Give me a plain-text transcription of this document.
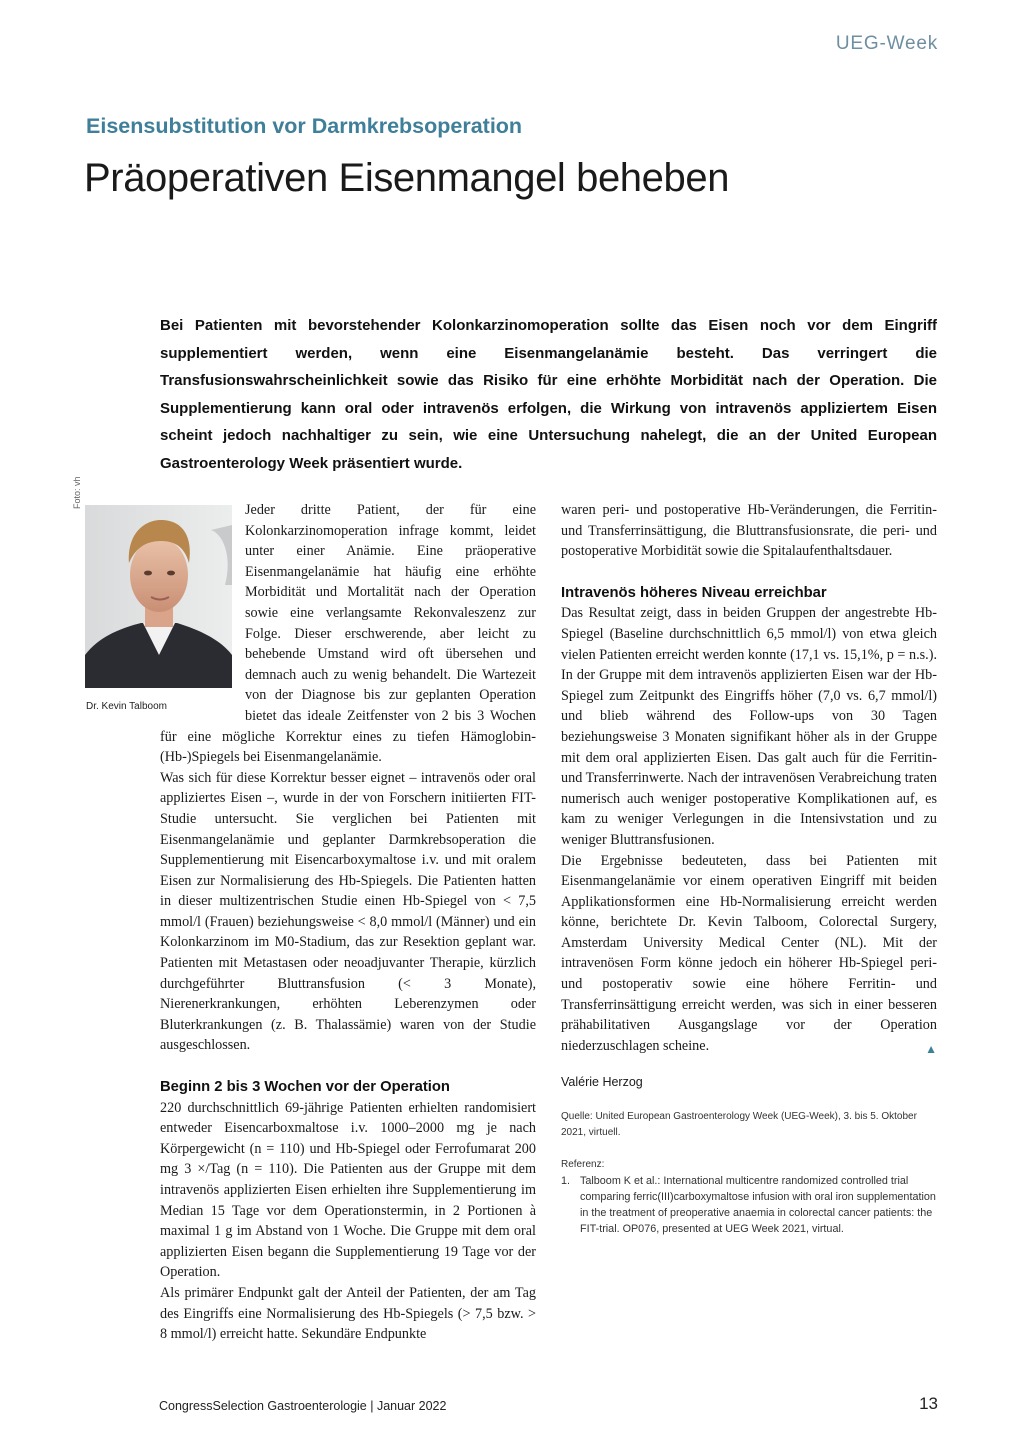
UEG-Week
Eisensubstitution vor Darmkrebsoperation
Präoperativen Eisenmangel beheben

Bei Patienten mit bevorstehender Kolonkarzinomoperation sollte das Eisen noch vor dem Eingriff supplementiert werden, wenn eine Eisenmangelanämie besteht. Das verringert die Transfusionswahrscheinlichkeit sowie das Risiko für eine erhöhte Morbidität nach der Operation. Die Supplementierung kann oral oder intravenös erfolgen, die Wirkung von intravenös appliziertem Eisen scheint jedoch nachhaltiger zu sein, wie eine Untersuchung nahelegt, die an der United European Gastroenterology Week präsentiert wurde.

Foto: vh
Dr. Kevin Talboom

Jeder dritte Patient, der für eine Kolonkarzinomoperation infrage kommt, leidet unter einer Anämie. Eine präoperative Eisenmangelanämie hat häufig eine erhöhte Morbidität und Mortalität nach der Operation sowie eine verlangsamte Rekonvaleszenz zur Folge. Dieser erschwerende, aber leicht zu behebende Umstand wird oft übersehen und demnach auch zu wenig behandelt. Die Wartezeit von der Diagnose bis zur geplanten Operation bietet das ideale Zeitfenster von 2 bis 3 Wochen für eine mögliche Korrektur eines zu tiefen Hämoglobin-(Hb-)Spiegels bei Eisenmangelanämie.

Was sich für diese Korrektur besser eignet – intravenös oder oral appliziertes Eisen –, wurde in der von Forschern initiierten FIT-Studie untersucht. Sie verglichen bei Patienten mit Eisenmangelanämie und geplanter Darmkrebsoperation die Supplementierung mit Eisencarboxymaltose i.v. und mit oralem Eisen zur Normalisierung des Hb-Spiegels. Die Patienten hatten in dieser multizentrischen Studie einen Hb-Spiegel von < 7,5 mmol/l (Frauen) beziehungsweise < 8,0 mmol/l (Männer) und ein Kolonkarzinom im M0-Stadium, das zur Resektion geplant war. Patienten mit Metastasen oder neoadjuvanter Therapie, kürzlich durchgeführter Bluttransfusion (< 3 Monate), Nierenerkrankungen, erhöhten Leberenzymen oder Bluterkrankungen (z. B. Thalassämie) waren von der Studie ausgeschlossen.

Beginn 2 bis 3 Wochen vor der Operation

220 durchschnittlich 69-jährige Patienten erhielten randomisiert entweder Eisencarboxmaltose i.v. 1000–2000 mg je nach Körpergewicht (n = 110) und Hb-Spiegel oder Ferrofumarat 200 mg 3 ×/Tag (n = 110). Die Patienten aus der Gruppe mit dem intravenös applizierten Eisen erhielten ihre Supplementierung im Median 15 Tage vor dem Operationstermin, in 2 Portionen à maximal 1 g im Abstand von 1 Woche. Die Gruppe mit dem oral applizierten Eisen begann die Supplementierung 19 Tage vor der Operation.

Als primärer Endpunkt galt der Anteil der Patienten, der am Tag des Eingriffs eine Normalisierung des Hb-Spiegels (> 7,5 bzw. > 8 mmol/l) erreicht hatte. Sekundäre Endpunkte

waren peri- und postoperative Hb-Veränderungen, die Ferritin- und Transferrinsättigung, die Bluttransfusionsrate, die peri- und postoperative Morbidität sowie die Spitalaufenthaltsdauer.

Intravenös höheres Niveau erreichbar

Das Resultat zeigt, dass in beiden Gruppen der angestrebte Hb-Spiegel (Baseline durchschnittlich 6,5 mmol/l) von etwa gleich vielen Patienten erreicht werden konnte (17,1 vs. 15,1%, p = n.s.). In der Gruppe mit dem intravenös applizierten Eisen war der Hb-Spiegel zum Zeitpunkt des Eingriffs höher (7,0 vs. 6,7 mmol/l) und blieb während des Follow-ups von 30 Tagen beziehungsweise 3 Monaten signifikant höher als in der Gruppe mit dem oral applizierten Eisen. Das galt auch für die Ferritin- und Transferrinwerte. Nach der intravenösen Verabreichung traten numerisch auch weniger postoperative Komplikationen auf, es kam zu weniger Verlegungen in die Intensivstation und zu weniger Bluttransfusionen.

Die Ergebnisse bedeuteten, dass bei Patienten mit Eisenmangelanämie vor einem operativen Eingriff mit beiden Applikationsformen eine Hb-Normalisierung erreicht werden könne, berichtete Dr. Kevin Talboom, Colorectal Surgery, Amsterdam University Medical Center (NL). Mit der intravenösen Form könne jedoch ein höherer Hb-Spiegel peri- und postoperativ sowie eine höhere Ferritin- und Transferrinsättigung erreicht werden, was sich in einer besseren prähabilitativen Ausgangslage vor der Operation niederzuschlagen scheine.	▲

Valérie Herzog

Quelle: United European Gastroenterology Week (UEG-Week), 3. bis 5. Oktober 2021, virtuell.

Referenz:

1. Talboom K et al.: International multicentre randomized controlled trial comparing ferric(III)carboxymaltose infusion with oral iron supplementation in the treatment of preoperative anaemia in colorectal cancer patients: the FIT-trial. OP076, presented at UEG Week 2021, virtual.
CongressSelection Gastroenterologie | Januar 2022	13
